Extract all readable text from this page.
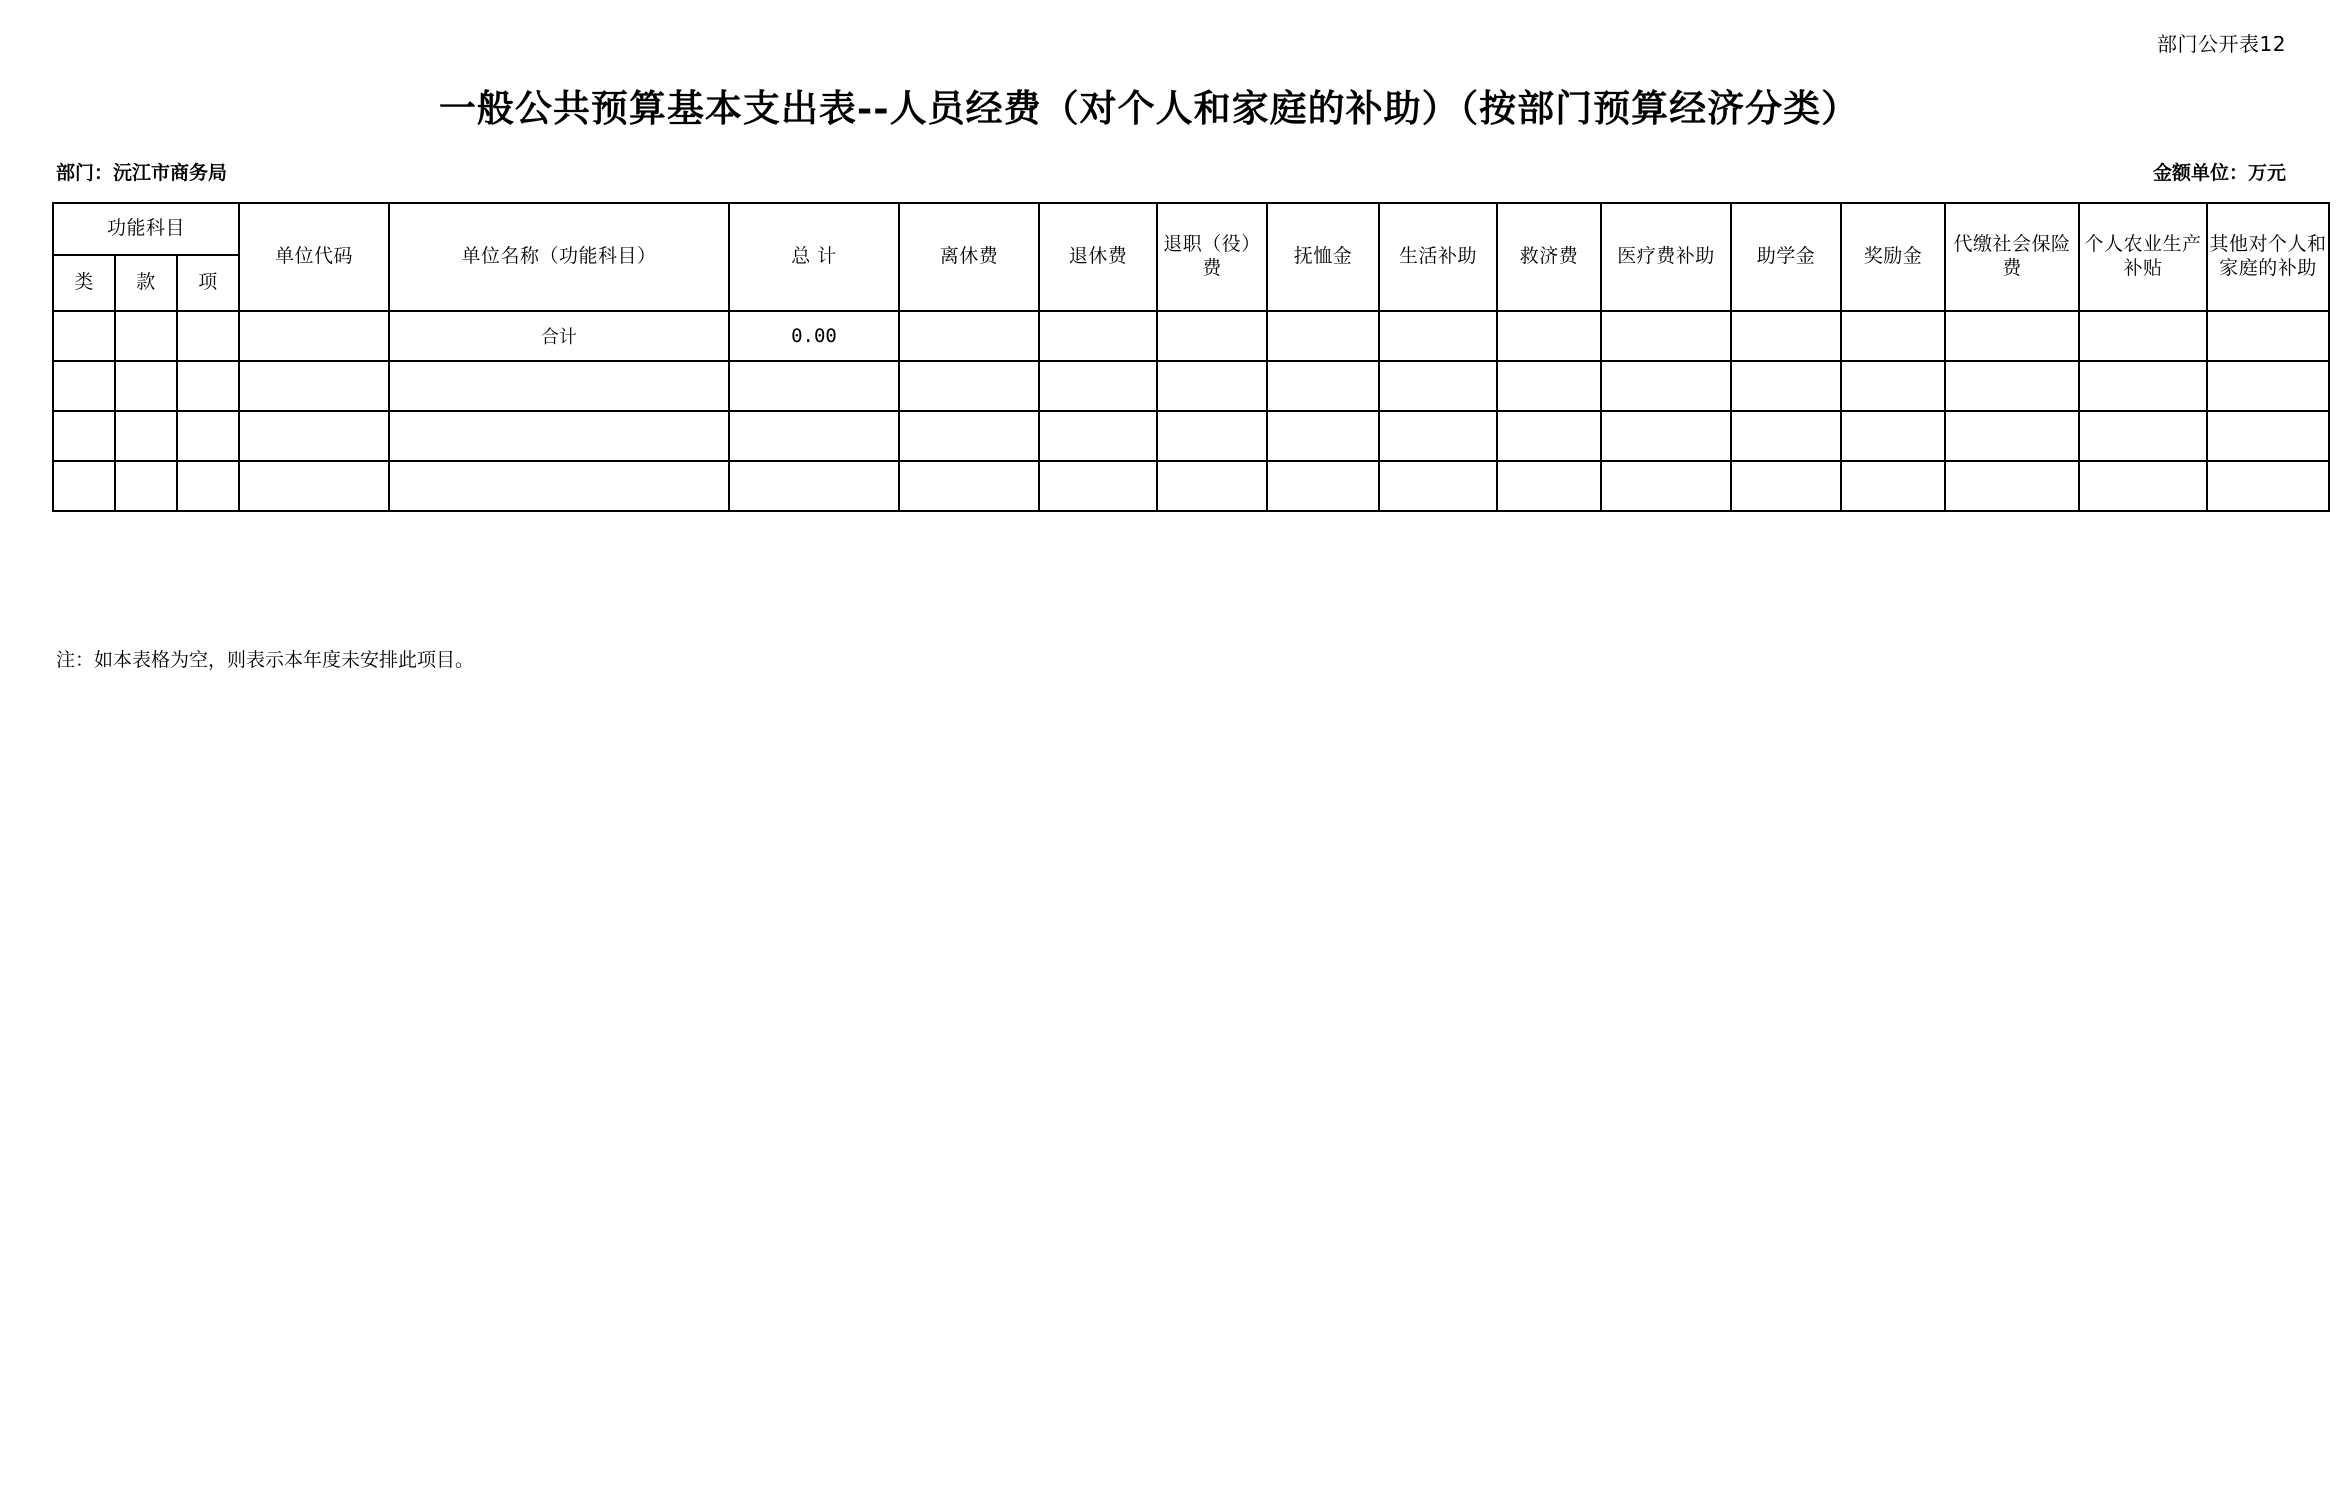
部门公开表12
一般公共预算基本支出表--人员经费（对个人和家庭的补助）（按部门预算经济分类）
部门：沅江市商务局	金额单位：万元
功能科目			单位代码	单位名称（功能科目）	总 计	离休费	退休费	退职（役）费	抚恤金	生活补助	救济费	医疗费补助	助学金	奖励金	代缴社会保险费	个人农业生产补贴	其他对个人和家庭的补助
类	款	项															
				合计	0.00												

注：如本表格为空，则表示本年度未安排此项目。
